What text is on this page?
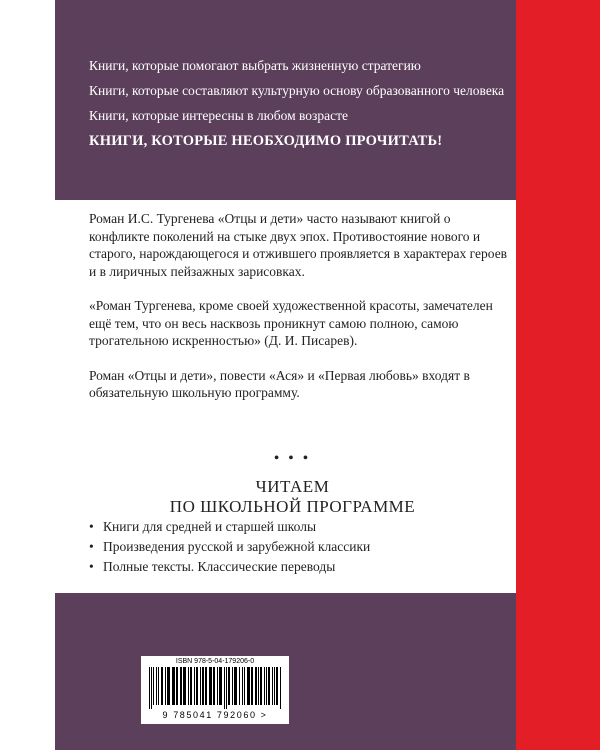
Книги, которые помогают выбрать жизненную стратегию

Книги, которые составляют культурную основу образованного человека

Книги, которые интересны в любом возрасте

КНИГИ, КОТОРЫЕ НЕОБХОДИМО ПРОЧИТАТЬ!

Роман И.С. Тургенева «Отцы и дети» часто называют книгой о конфликте поколений на стыке двух эпох. Противостояние нового и старого, нарождающегося и отжившего проявляется в характерах героев и в лиричных пейзажных зарисовках.

«Роман Тургенева, кроме своей художественной красоты, замечателен ещё тем, что он весь насквозь проникнут самою полною, самою трогательною искренностью» (Д. И. Писарев).

Роман «Отцы и дети», повести «Ася» и «Первая любовь» входят в обязательную школьную программу.

• • •
ЧИТАЕМ
ПО ШКОЛЬНОЙ ПРОГРАММЕ
• Книги для средней и старшей школы
• Произведения русской и зарубежной классики
• Полные тексты. Классические переводы
ISBN 978-5-04-179206-0
9 785041 792060 >
